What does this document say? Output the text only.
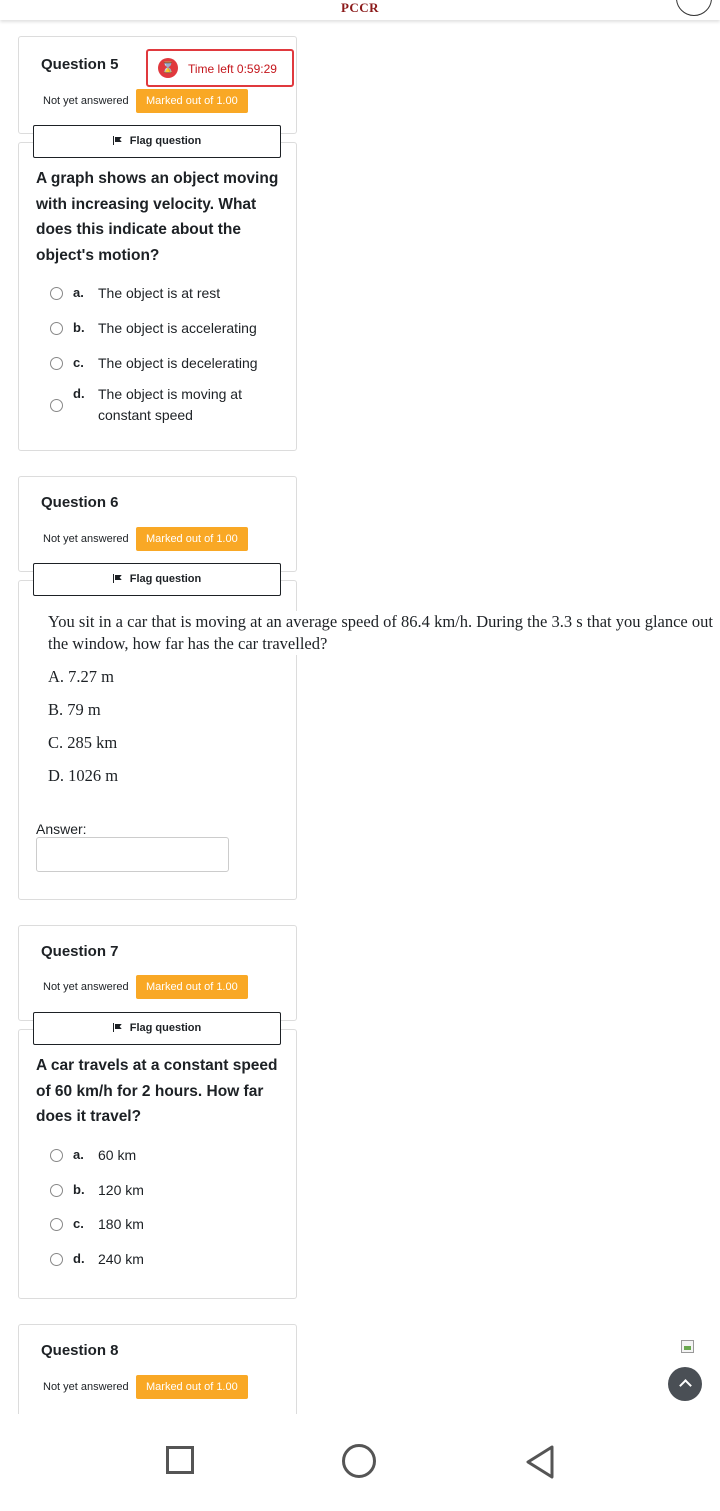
PCCR
Question 5	⌛ Time left 0:59:29
Not yet answered	Marked out of 1.00
Flag question
A graph shows an object moving with increasing velocity. What does this indicate about the object's motion?
a. The object is at rest
b. The object is accelerating
c. The object is decelerating
d. The object is moving at constant speed
Question 6
Not yet answered	Marked out of 1.00
Flag question
You sit in a car that is moving at an average speed of 86.4 km/h. During the 3.3 s that you glance out the window, how far has the car travelled?
A. 7.27 m
B. 79 m
C. 285 km
D. 1026 m
Answer:
Question 7
Not yet answered	Marked out of 1.00
Flag question
A car travels at a constant speed of 60 km/h for 2 hours. How far does it travel?
a. 60 km
b. 120 km
c. 180 km
d. 240 km
Question 8
Not yet answered	Marked out of 1.00
